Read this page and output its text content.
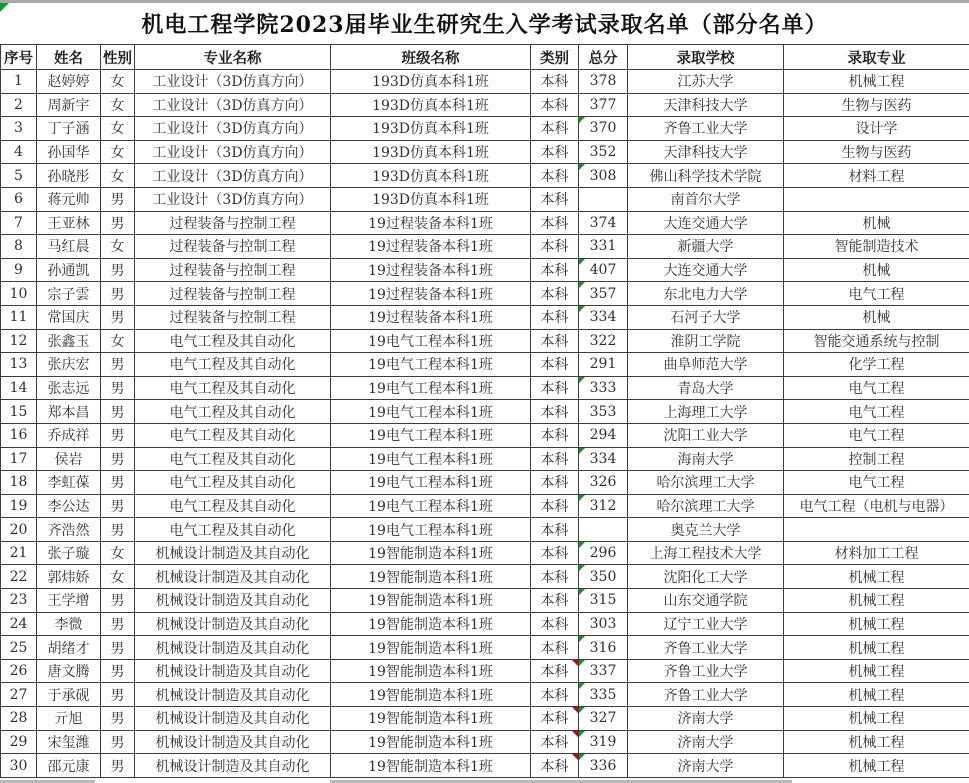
机电工程学院2023届毕业生研究生入学考试录取名单（部分名单）
序号	姓名	性别	专业名称	班级名称	类别	总分	录取学校	录取专业
1	赵婷婷	女	工业设计（3D仿真方向）	193D仿真本科1班	本科	378	江苏大学	机械工程
2	周新宇	女	工业设计（3D仿真方向）	193D仿真本科1班	本科	377	天津科技大学	生物与医药
3	丁子涵	女	工业设计（3D仿真方向）	193D仿真本科1班	本科	370	齐鲁工业大学	设计学
4	孙国华	女	工业设计（3D仿真方向）	193D仿真本科1班	本科	352	天津科技大学	生物与医药
5	孙晓彤	女	工业设计（3D仿真方向）	193D仿真本科1班	本科	308	佛山科学技术学院	材料工程
6	蒋元帅	男	工业设计（3D仿真方向）	193D仿真本科1班	本科		南首尔大学	
7	王亚林	男	过程装备与控制工程	19过程装备本科1班	本科	374	大连交通大学	机械
8	马红晨	女	过程装备与控制工程	19过程装备本科1班	本科	331	新疆大学	智能制造技术
9	孙通凯	男	过程装备与控制工程	19过程装备本科1班	本科	407	大连交通大学	机械
10	宗子雲	男	过程装备与控制工程	19过程装备本科1班	本科	357	东北电力大学	电气工程
11	常国庆	男	过程装备与控制工程	19过程装备本科1班	本科	334	石河子大学	机械
12	张鑫玉	女	电气工程及其自动化	19电气工程本科1班	本科	322	淮阴工学院	智能交通系统与控制
13	张庆宏	男	电气工程及其自动化	19电气工程本科1班	本科	291	曲阜师范大学	化学工程
14	张志远	男	电气工程及其自动化	19电气工程本科1班	本科	333	青岛大学	电气工程
15	郑本昌	男	电气工程及其自动化	19电气工程本科1班	本科	353	上海理工大学	电气工程
16	乔成祥	男	电气工程及其自动化	19电气工程本科1班	本科	294	沈阳工业大学	电气工程
17	侯岩	男	电气工程及其自动化	19电气工程本科1班	本科	334	海南大学	控制工程
18	李虹葆	男	电气工程及其自动化	19电气工程本科1班	本科	326	哈尔滨理工大学	电气工程
19	李公达	男	电气工程及其自动化	19电气工程本科1班	本科	312	哈尔滨理工大学	电气工程（电机与电器）
20	齐浩然	男	电气工程及其自动化	19电气工程本科1班	本科		奥克兰大学	
21	张子璇	女	机械设计制造及其自动化	19智能制造本科1班	本科	296	上海工程技术大学	材料加工工程
22	郭炜娇	女	机械设计制造及其自动化	19智能制造本科1班	本科	350	沈阳化工大学	机械工程
23	王学增	男	机械设计制造及其自动化	19智能制造本科1班	本科	315	山东交通学院	机械工程
24	李微	男	机械设计制造及其自动化	19智能制造本科1班	本科	303	辽宁工业大学	机械工程
25	胡绪才	男	机械设计制造及其自动化	19智能制造本科1班	本科	316	齐鲁工业大学	机械工程
26	唐文腾	男	机械设计制造及其自动化	19智能制造本科1班	本科	337	齐鲁工业大学	机械工程
27	于承砚	男	机械设计制造及其自动化	19智能制造本科1班	本科	335	齐鲁工业大学	机械工程
28	亓旭	男	机械设计制造及其自动化	19智能制造本科1班	本科	327	济南大学	机械工程
29	宋玺潍	男	机械设计制造及其自动化	19智能制造本科1班	本科	319	济南大学	机械工程
30	邵元康	男	机械设计制造及其自动化	19智能制造本科1班	本科	336	济南大学	机械工程
